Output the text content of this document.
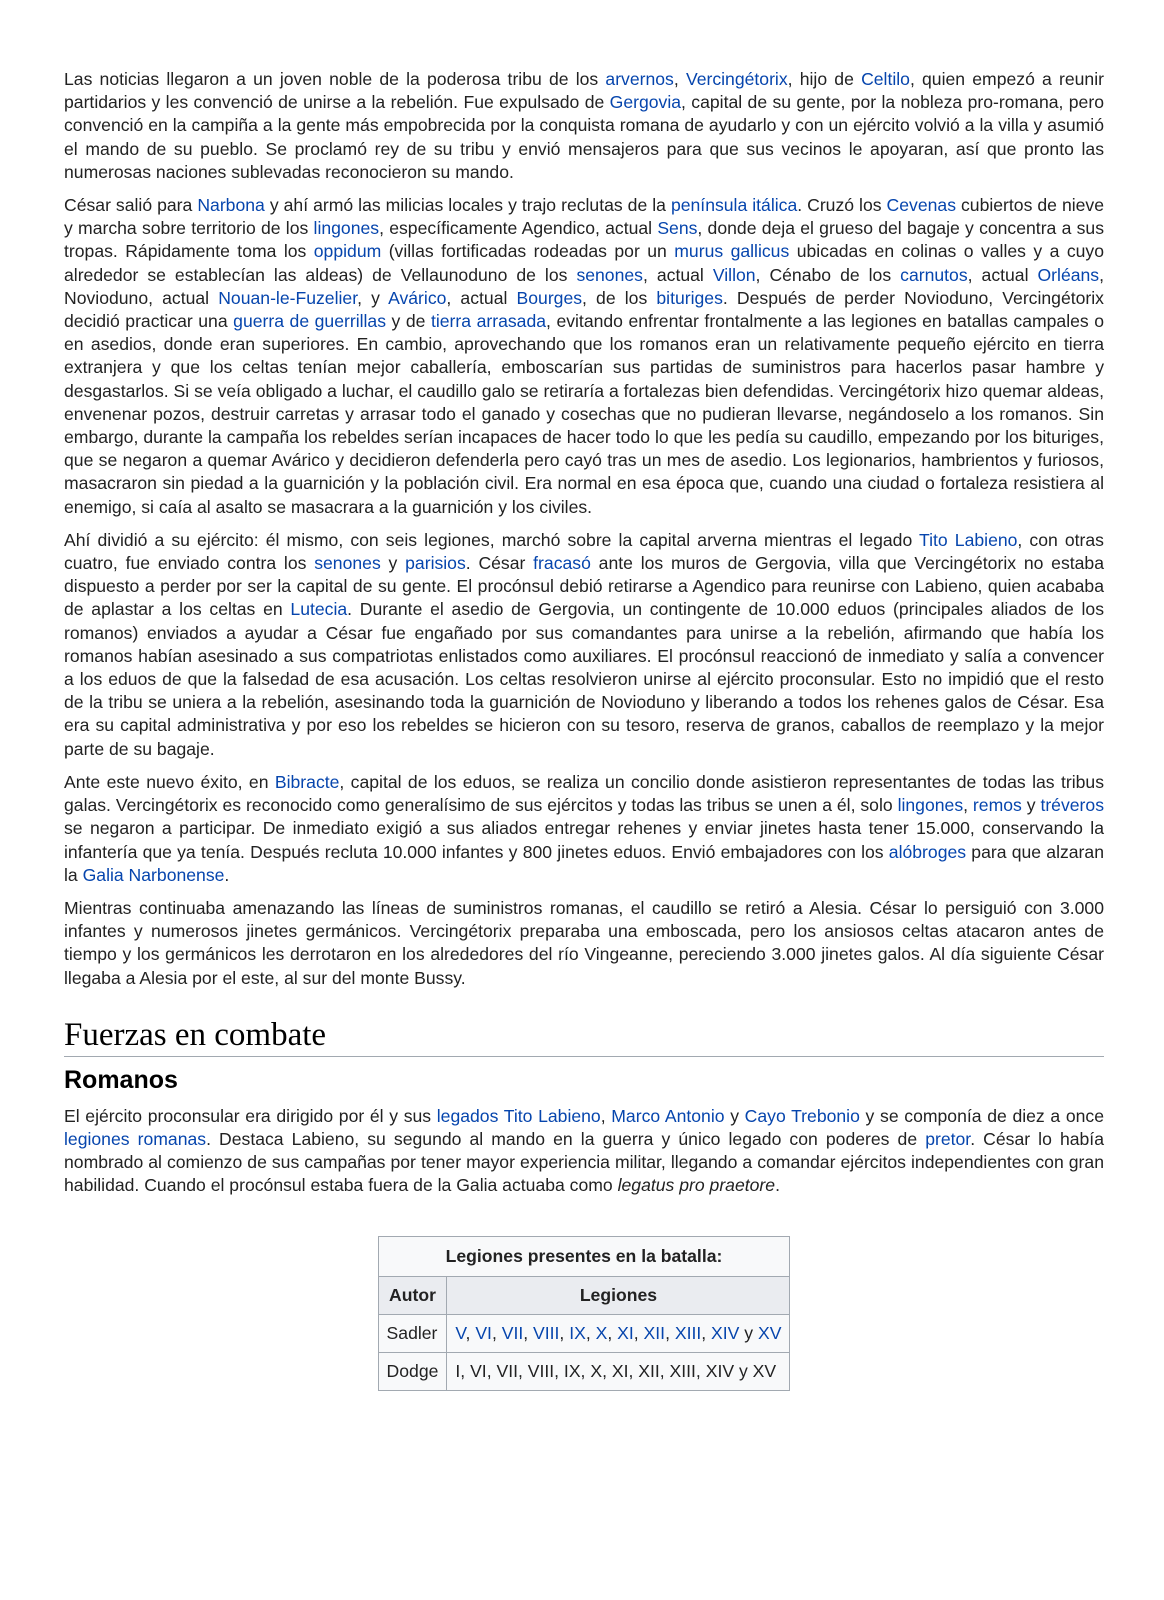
Las noticias llegaron a un joven noble de la poderosa tribu de los arvernos, Vercingétorix, hijo de Celtilo, quien empezó a reunir partidarios y les convenció de unirse a la rebelión. Fue expulsado de Gergovia, capital de su gente, por la nobleza pro-romana, pero convenció en la campiña a la gente más empobrecida por la conquista romana de ayudarlo y con un ejército volvió a la villa y asumió el mando de su pueblo. Se proclamó rey de su tribu y envió mensajeros para que sus vecinos le apoyaran, así que pronto las numerosas naciones sublevadas reconocieron su mando.

César salió para Narbona y ahí armó las milicias locales y trajo reclutas de la península itálica. Cruzó los Cevenas cubiertos de nieve y marcha sobre territorio de los lingones, específicamente Agendico, actual Sens, donde deja el grueso del bagaje y concentra a sus tropas. Rápidamente toma los oppidum (villas fortificadas rodeadas por un murus gallicus ubicadas en colinas o valles y a cuyo alrededor se establecían las aldeas) de Vellaunoduno de los senones, actual Villon, Cénabo de los carnutos, actual Orléans, Novioduno, actual Nouan-le-Fuzelier, y Avárico, actual Bourges, de los bituriges. Después de perder Novioduno, Vercingétorix decidió practicar una guerra de guerrillas y de tierra arrasada, evitando enfrentar frontalmente a las legiones en batallas campales o en asedios, donde eran superiores. En cambio, aprovechando que los romanos eran un relativamente pequeño ejército en tierra extranjera y que los celtas tenían mejor caballería, emboscarían sus partidas de suministros para hacerlos pasar hambre y desgastarlos. Si se veía obligado a luchar, el caudillo galo se retiraría a fortalezas bien defendidas. Vercingétorix hizo quemar aldeas, envenenar pozos, destruir carretas y arrasar todo el ganado y cosechas que no pudieran llevarse, negándoselo a los romanos. Sin embargo, durante la campaña los rebeldes serían incapaces de hacer todo lo que les pedía su caudillo, empezando por los bituriges, que se negaron a quemar Avárico y decidieron defenderla pero cayó tras un mes de asedio. Los legionarios, hambrientos y furiosos, masacraron sin piedad a la guarnición y la población civil. Era normal en esa época que, cuando una ciudad o fortaleza resistiera al enemigo, si caía al asalto se masacrara a la guarnición y los civiles.

Ahí dividió a su ejército: él mismo, con seis legiones, marchó sobre la capital arverna mientras el legado Tito Labieno, con otras cuatro, fue enviado contra los senones y parisios. César fracasó ante los muros de Gergovia, villa que Vercingétorix no estaba dispuesto a perder por ser la capital de su gente. El procónsul debió retirarse a Agendico para reunirse con Labieno, quien acababa de aplastar a los celtas en Lutecia. Durante el asedio de Gergovia, un contingente de 10.000 eduos (principales aliados de los romanos) enviados a ayudar a César fue engañado por sus comandantes para unirse a la rebelión, afirmando que había los romanos habían asesinado a sus compatriotas enlistados como auxiliares. El procónsul reaccionó de inmediato y salía a convencer a los eduos de que la falsedad de esa acusación. Los celtas resolvieron unirse al ejército proconsular. Esto no impidió que el resto de la tribu se uniera a la rebelión, asesinando toda la guarnición de Novioduno y liberando a todos los rehenes galos de César. Esa era su capital administrativa y por eso los rebeldes se hicieron con su tesoro, reserva de granos, caballos de reemplazo y la mejor parte de su bagaje.

Ante este nuevo éxito, en Bibracte, capital de los eduos, se realiza un concilio donde asistieron representantes de todas las tribus galas. Vercingétorix es reconocido como generalísimo de sus ejércitos y todas las tribus se unen a él, solo lingones, remos y tréveros se negaron a participar. De inmediato exigió a sus aliados entregar rehenes y enviar jinetes hasta tener 15.000, conservando la infantería que ya tenía. Después recluta 10.000 infantes y 800 jinetes eduos. Envió embajadores con los alóbroges para que alzaran la Galia Narbonense.

Mientras continuaba amenazando las líneas de suministros romanas, el caudillo se retiró a Alesia. César lo persiguió con 3.000 infantes y numerosos jinetes germánicos. Vercingétorix preparaba una emboscada, pero los ansiosos celtas atacaron antes de tiempo y los germánicos les derrotaron en los alrededores del río Vingeanne, pereciendo 3.000 jinetes galos. Al día siguiente César llegaba a Alesia por el este, al sur del monte Bussy.

Fuerzas en combate
Romanos

El ejército proconsular era dirigido por él y sus legados Tito Labieno, Marco Antonio y Cayo Trebonio y se componía de diez a once legiones romanas. Destaca Labieno, su segundo al mando en la guerra y único legado con poderes de pretor. César lo había nombrado al comienzo de sus campañas por tener mayor experiencia militar, llegando a comandar ejércitos independientes con gran habilidad. Cuando el procónsul estaba fuera de la Galia actuaba como legatus pro praetore.

Legiones presentes en la batalla:
Autor	Legiones
Sadler	V, VI, VII, VIII, IX, X, XI, XII, XIII, XIV y XV
Dodge	I, VI, VII, VIII, IX, X, XI, XII, XIII, XIV y XV
